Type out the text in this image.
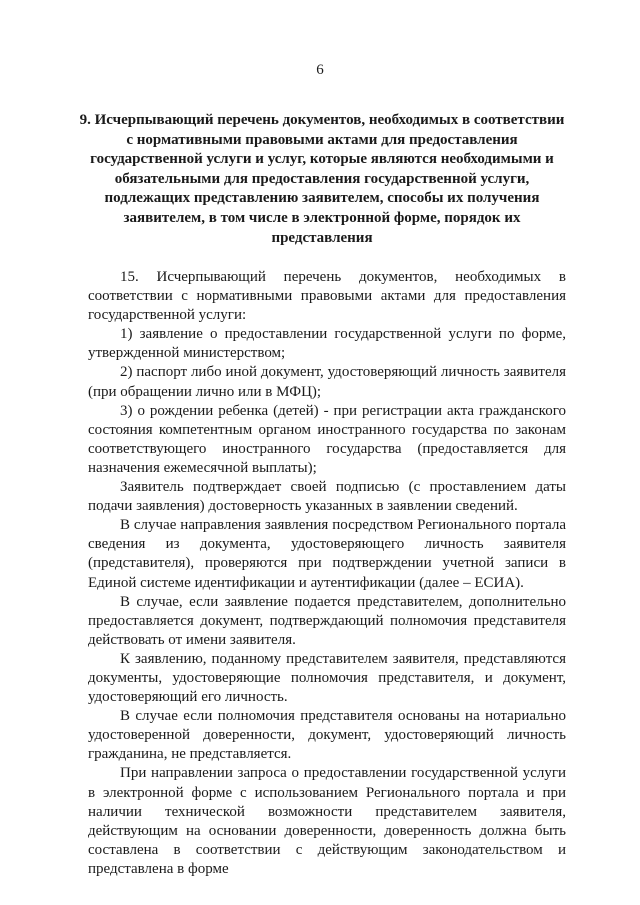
6
9. Исчерпывающий перечень документов, необходимых в соответствии с нормативными правовыми актами для предоставления государственной услуги и услуг, которые являются необходимыми и обязательными для предоставления государственной услуги, подлежащих представлению заявителем, способы их получения заявителем, в том числе в электронной форме, порядок их представления

15. Исчерпывающий перечень документов, необходимых в соответствии с нормативными правовыми актами для предоставления государственной услуги:

1) заявление о предоставлении государственной услуги по форме, утвержденной министерством;

2) паспорт либо иной документ, удостоверяющий личность заявителя (при обращении лично или в МФЦ);

3) о рождении ребенка (детей) - при регистрации акта гражданского состояния компетентным органом иностранного государства по законам соответствующего иностранного государства (предоставляется для назначения ежемесячной выплаты);

Заявитель подтверждает своей подписью (с проставлением даты подачи заявления) достоверность указанных в заявлении сведений.

В случае направления заявления посредством Регионального портала сведения из документа, удостоверяющего личность заявителя (представителя), проверяются при подтверждении учетной записи в Единой системе идентификации и аутентификации (далее – ЕСИА).

В случае, если заявление подается представителем, дополнительно предоставляется документ, подтверждающий полномочия представителя действовать от имени заявителя.

К заявлению, поданному представителем заявителя, представляются документы, удостоверяющие полномочия представителя, и документ, удостоверяющий его личность.

В случае если полномочия представителя основаны на нотариально удостоверенной доверенности, документ, удостоверяющий личность гражданина, не представляется.

При направлении запроса о предоставлении государственной услуги в электронной форме с использованием Регионального портала и при наличии технической возможности представителем заявителя, действующим на основании доверенности, доверенность должна быть составлена в соответствии с действующим законодательством и представлена в форме
